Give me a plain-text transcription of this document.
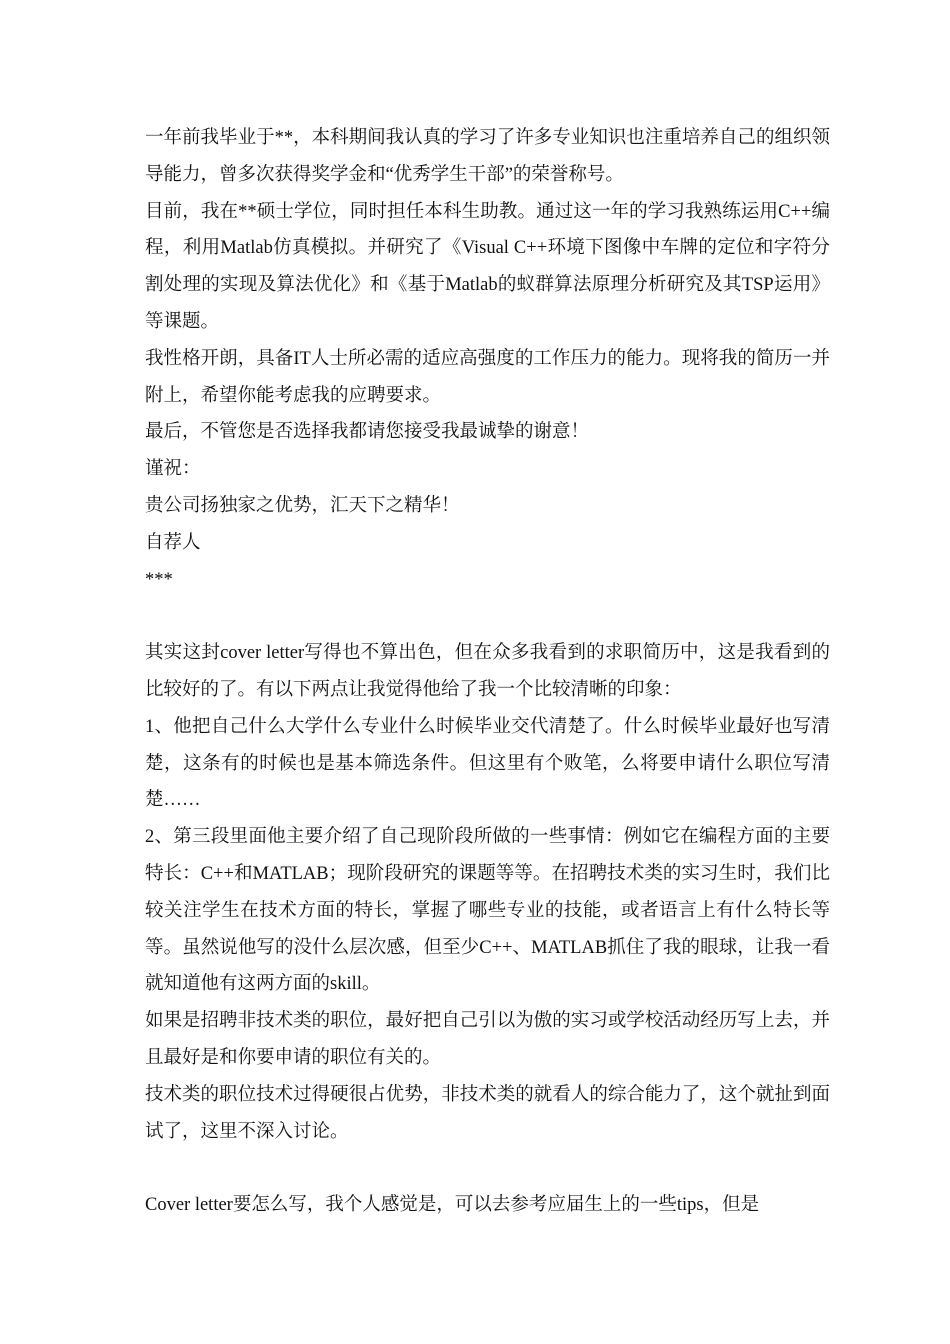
一年前我毕业于**，本科期间我认真的学习了许多专业知识也注重培养自己的组织领导能力，曾多次获得奖学金和“优秀学生干部”的荣誉称号。

目前，我在**硕士学位，同时担任本科生助教。通过这一年的学习我熟练运用C++编程，利用Matlab仿真模拟。并研究了《Visual C++环境下图像中车牌的定位和字符分割处理的实现及算法优化》和《基于Matlab的蚁群算法原理分析研究及其TSP运用》等课题。

我性格开朗，具备IT人士所必需的适应高强度的工作压力的能力。现将我的简历一并附上，希望你能考虑我的应聘要求。

最后，不管您是否选择我都请您接受我最诚挚的谢意！

谨祝：

贵公司扬独家之优势，汇天下之精华！

自荐人

***

其实这封cover letter写得也不算出色，但在众多我看到的求职简历中，这是我看到的比较好的了。有以下两点让我觉得他给了我一个比较清晰的印象：

1、他把自己什么大学什么专业什么时候毕业交代清楚了。什么时候毕业最好也写清楚，这条有的时候也是基本筛选条件。但这里有个败笔，么将要申请什么职位写清楚……

2、第三段里面他主要介绍了自己现阶段所做的一些事情：例如它在编程方面的主要特长：C++和MATLAB；现阶段研究的课题等等。在招聘技术类的实习生时，我们比较关注学生在技术方面的特长，掌握了哪些专业的技能，或者语言上有什么特长等等。虽然说他写的没什么层次感，但至少C++、MATLAB抓住了我的眼球，让我一看就知道他有这两方面的skill。

如果是招聘非技术类的职位，最好把自己引以为傲的实习或学校活动经历写上去，并且最好是和你要申请的职位有关的。

技术类的职位技术过得硬很占优势，非技术类的就看人的综合能力了，这个就扯到面试了，这里不深入讨论。

Cover letter要怎么写，我个人感觉是，可以去参考应届生上的一些tips，但是
